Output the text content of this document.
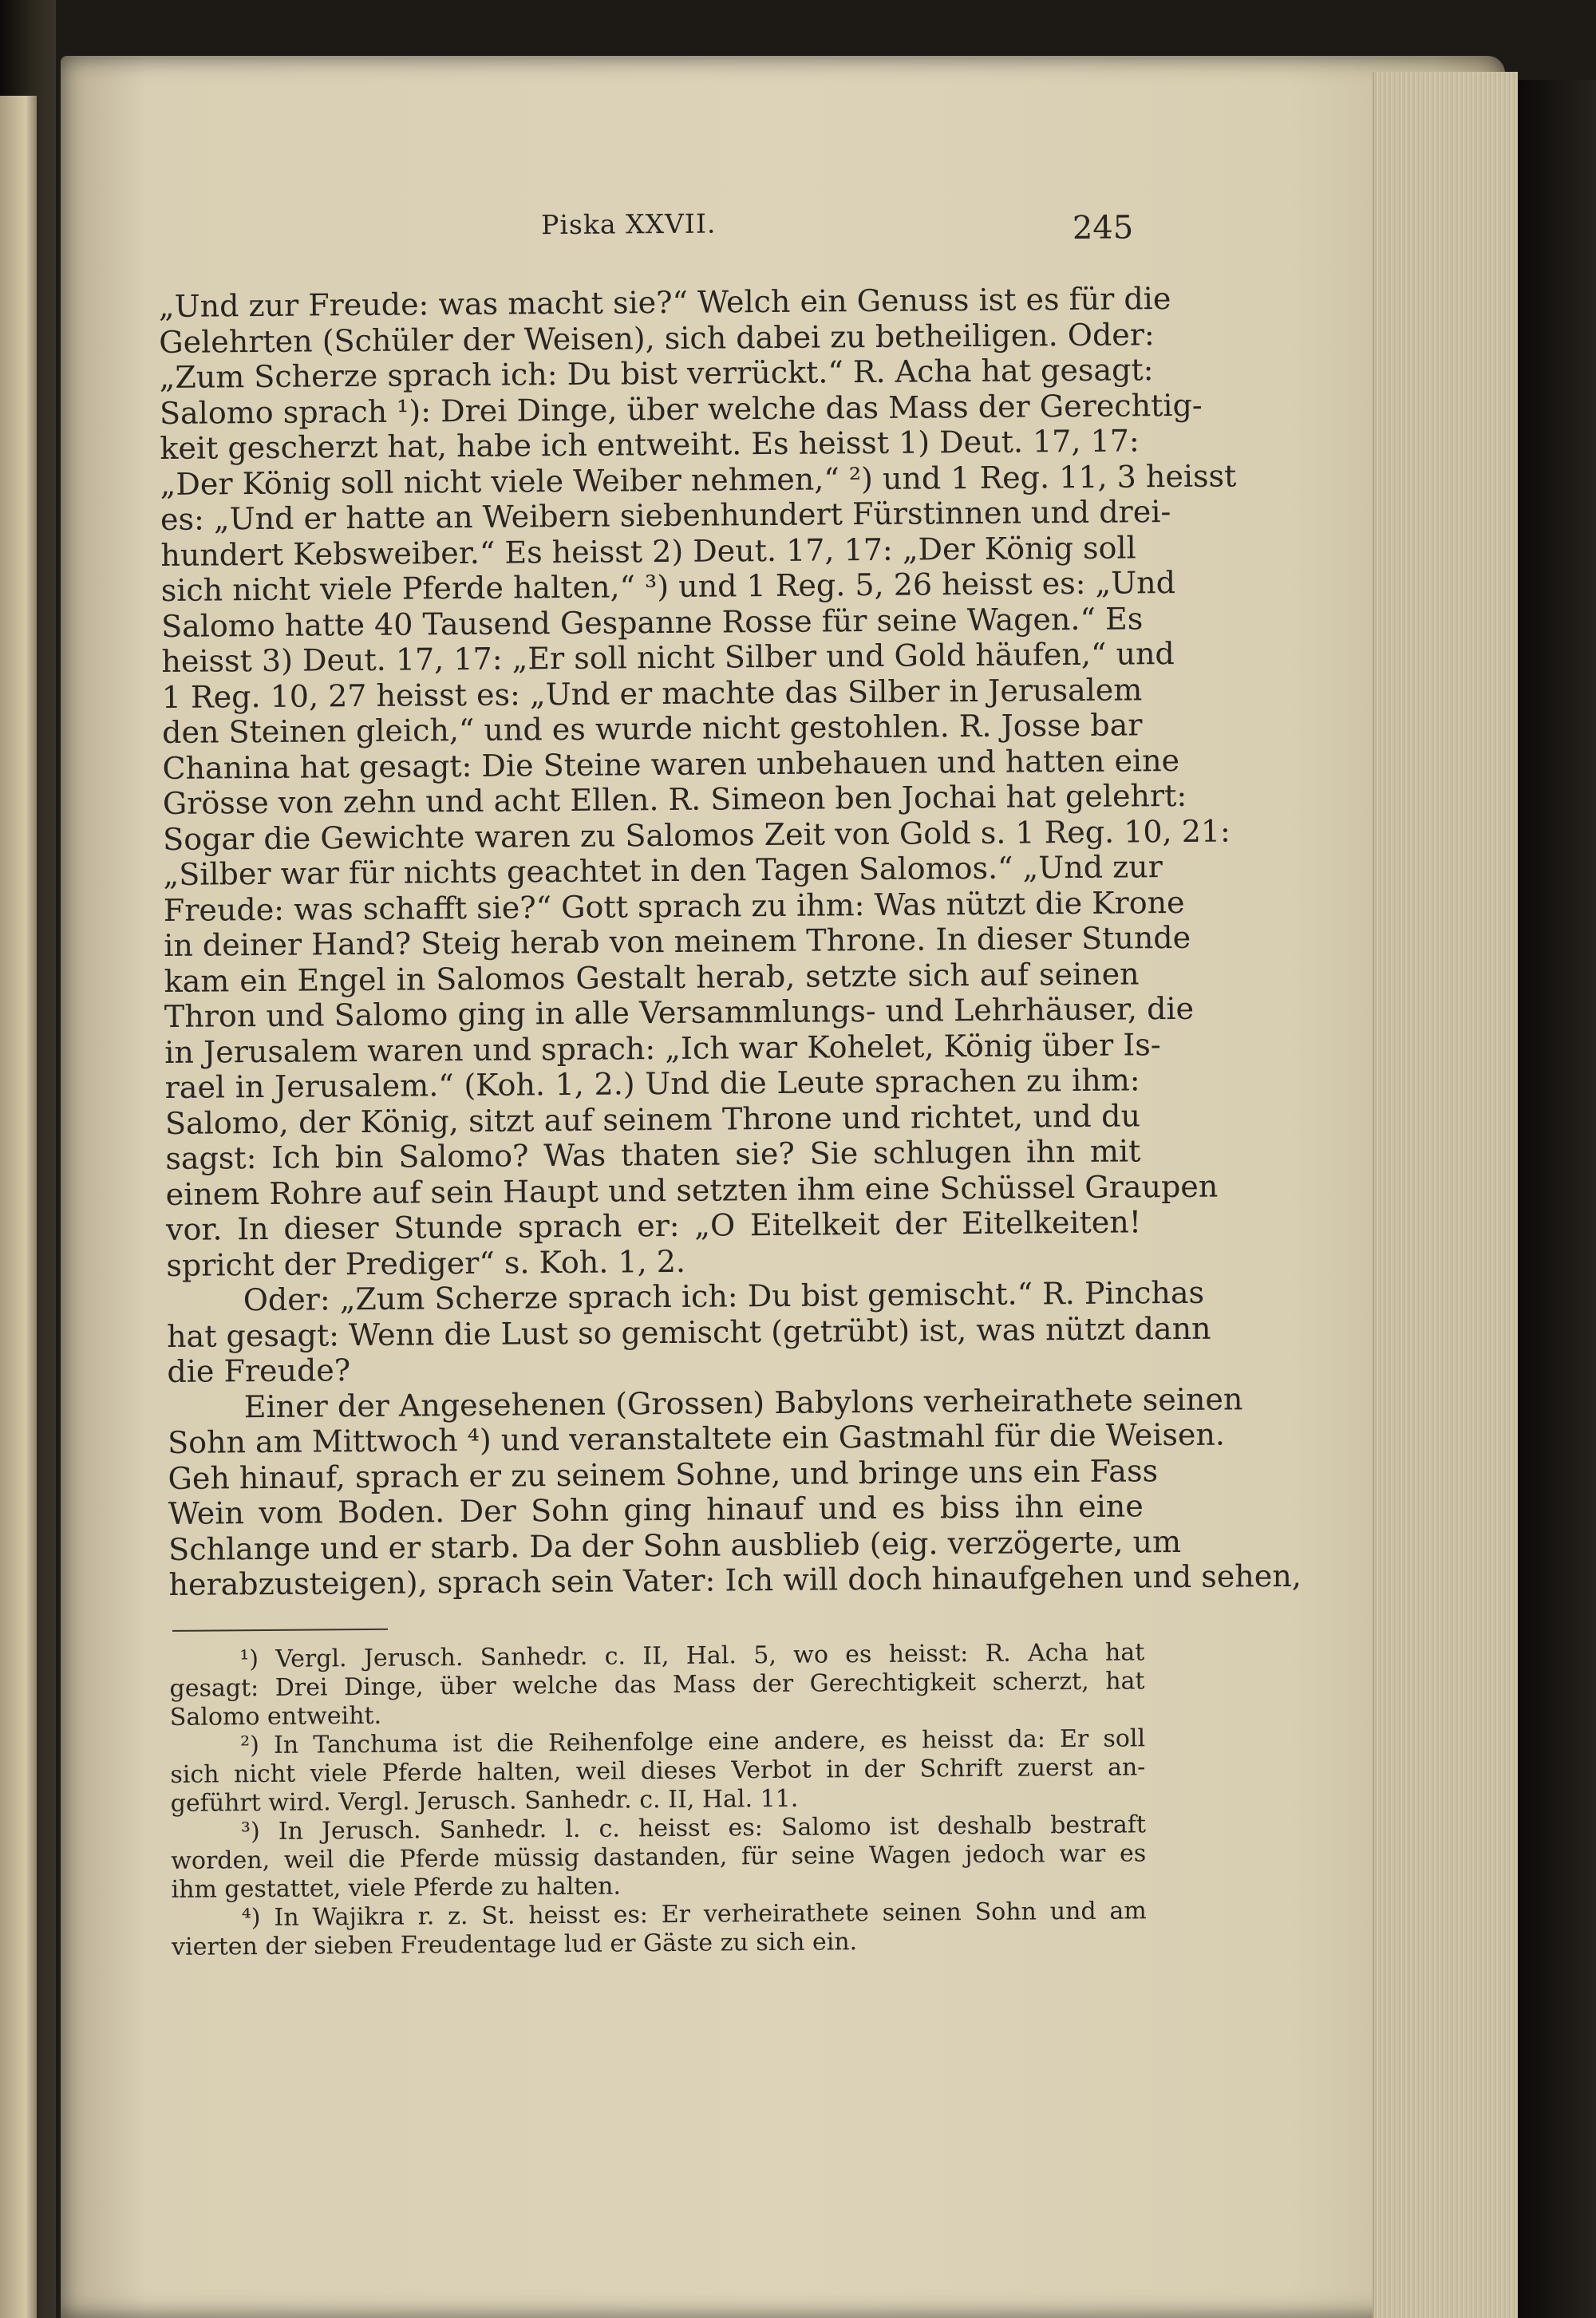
Piska XXVII.	245
„Und zur Freude: was macht sie?“ Welch ein Genuss ist es für die
Gelehrten (Schüler der Weisen), sich dabei zu betheiligen. Oder:
„Zum Scherze sprach ich: Du bist verrückt.“ R. Acha hat gesagt:
Salomo sprach ¹): Drei Dinge, über welche das Mass der Gerechtig-
keit gescherzt hat, habe ich entweiht. Es heisst 1) Deut. 17, 17:
„Der König soll nicht viele Weiber nehmen,“ ²) und 1 Reg. 11, 3 heisst
es: „Und er hatte an Weibern siebenhundert Fürstinnen und drei-
hundert Kebsweiber.“ Es heisst 2) Deut. 17, 17: „Der König soll
sich nicht viele Pferde halten,“ ³) und 1 Reg. 5, 26 heisst es: „Und
Salomo hatte 40 Tausend Gespanne Rosse für seine Wagen.“ Es
heisst 3) Deut. 17, 17: „Er soll nicht Silber und Gold häufen,“ und
1 Reg. 10, 27 heisst es: „Und er machte das Silber in Jerusalem
den Steinen gleich,“ und es wurde nicht gestohlen. R. Josse bar
Chanina hat gesagt: Die Steine waren unbehauen und hatten eine
Grösse von zehn und acht Ellen. R. Simeon ben Jochai hat gelehrt:
Sogar die Gewichte waren zu Salomos Zeit von Gold s. 1 Reg. 10, 21:
„Silber war für nichts geachtet in den Tagen Salomos.“ „Und zur
Freude: was schafft sie?“ Gott sprach zu ihm: Was nützt die Krone
in deiner Hand? Steig herab von meinem Throne. In dieser Stunde
kam ein Engel in Salomos Gestalt herab, setzte sich auf seinen
Thron und Salomo ging in alle Versammlungs- und Lehrhäuser, die
in Jerusalem waren und sprach: „Ich war Kohelet, König über Is-
rael in Jerusalem.“ (Koh. 1, 2.) Und die Leute sprachen zu ihm:
Salomo, der König, sitzt auf seinem Throne und richtet, und du
sagst: Ich bin Salomo? Was thaten sie? Sie schlugen ihn mit
einem Rohre auf sein Haupt und setzten ihm eine Schüssel Graupen
vor. In dieser Stunde sprach er: „O Eitelkeit der Eitelkeiten!
spricht der Prediger“ s. Koh. 1, 2.
Oder: „Zum Scherze sprach ich: Du bist gemischt.“ R. Pinchas
hat gesagt: Wenn die Lust so gemischt (getrübt) ist, was nützt dann
die Freude?
Einer der Angesehenen (Grossen) Babylons verheirathete seinen
Sohn am Mittwoch ⁴) und veranstaltete ein Gastmahl für die Weisen.
Geh hinauf, sprach er zu seinem Sohne, und bringe uns ein Fass
Wein vom Boden. Der Sohn ging hinauf und es biss ihn eine
Schlange und er starb. Da der Sohn ausblieb (eig. verzögerte, um
herabzusteigen), sprach sein Vater: Ich will doch hinaufgehen und sehen,
¹) Vergl. Jerusch. Sanhedr. c. II, Hal. 5, wo es heisst: R. Acha hat
gesagt: Drei Dinge, über welche das Mass der Gerechtigkeit scherzt, hat
Salomo entweiht.
²) In Tanchuma ist die Reihenfolge eine andere, es heisst da: Er soll
sich nicht viele Pferde halten, weil dieses Verbot in der Schrift zuerst an-
geführt wird. Vergl. Jerusch. Sanhedr. c. II, Hal. 11.
³) In Jerusch. Sanhedr. l. c. heisst es: Salomo ist deshalb bestraft
worden, weil die Pferde müssig dastanden, für seine Wagen jedoch war es
ihm gestattet, viele Pferde zu halten.
⁴) In Wajikra r. z. St. heisst es: Er verheirathete seinen Sohn und am
vierten der sieben Freudentage lud er Gäste zu sich ein.
